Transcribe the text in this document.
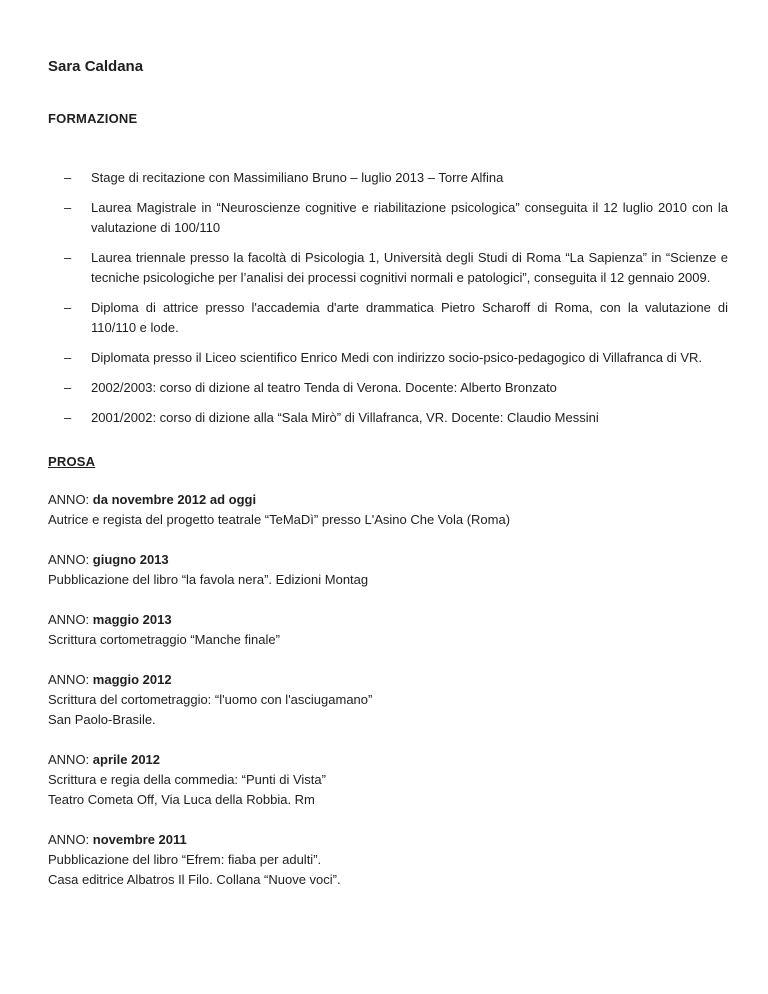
Sara Caldana
FORMAZIONE
–	Stage di recitazione con Massimiliano Bruno – luglio 2013 – Torre Alfina
–	Laurea Magistrale in “Neuroscienze cognitive e riabilitazione psicologica” conseguita il 12 luglio 2010 con la valutazione di 100/110
–	Laurea triennale presso la facoltà di Psicologia 1, Università degli Studi di Roma “La Sapienza” in “Scienze e tecniche psicologiche per l’analisi dei processi cognitivi normali e patologici”, conseguita il 12 gennaio 2009.
–	Diploma di attrice presso l'accademia d'arte drammatica Pietro Scharoff di Roma, con la valutazione di 110/110 e lode.
–	Diplomata presso il Liceo scientifico Enrico Medi con indirizzo socio-psico-pedagogico di Villafranca di VR.
–	2002/2003: corso di dizione al teatro Tenda di Verona. Docente: Alberto Bronzato
–	2001/2002: corso di dizione alla “Sala Mirò” di Villafranca, VR. Docente: Claudio Messini
PROSA

ANNO: da novembre 2012 ad oggi

Autrice e regista del progetto teatrale “TeMaDì” presso L'Asino Che Vola (Roma)

ANNO: giugno 2013

Pubblicazione del libro “la favola nera”. Edizioni Montag

ANNO: maggio 2013

Scrittura cortometraggio “Manche finale”

ANNO: maggio 2012

Scrittura del cortometraggio: “l'uomo con l'asciugamano”

San Paolo-Brasile.

ANNO: aprile 2012

Scrittura e regia della commedia: “Punti di Vista”

Teatro Cometa Off, Via Luca della Robbia. Rm

ANNO: novembre 2011

Pubblicazione del libro “Efrem: fiaba per adulti”.

Casa editrice Albatros Il Filo. Collana “Nuove voci”.
